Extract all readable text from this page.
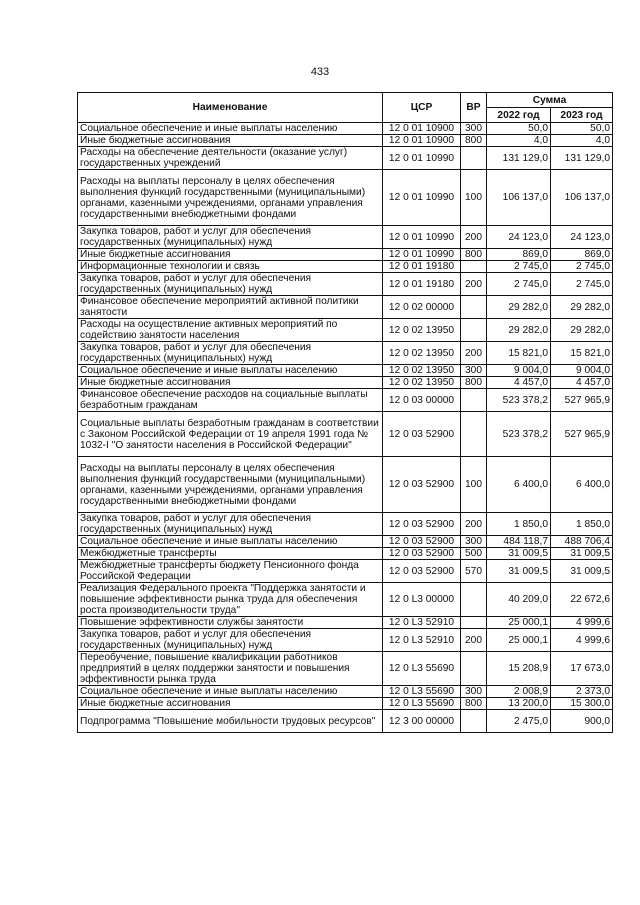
433
Наименование	ЦСР	ВР	Сумма	
			2022 год	2023 год
Социальное обеспечение и иные выплаты населению	12 0 01 10900	300	50,0	50,0
Иные бюджетные ассигнования	12 0 01 10900	800	4,0	4,0
Расходы на обеспечение деятельности (оказание услуг) государственных учреждений	12 0 01 10990		131 129,0	131 129,0
Расходы на выплаты персоналу в целях обеспечения выполнения функций государственными (муниципальными) органами, казенными учреждениями, органами управления государственными внебюджетными фондами	12 0 01 10990	100	106 137,0	106 137,0
Закупка товаров, работ и услуг для обеспечения государственных (муниципальных) нужд	12 0 01 10990	200	24 123,0	24 123,0
Иные бюджетные ассигнования	12 0 01 10990	800	869,0	869,0
Информационные технологии и связь	12 0 01 19180		2 745,0	2 745,0
Закупка товаров, работ и услуг для обеспечения государственных (муниципальных) нужд	12 0 01 19180	200	2 745,0	2 745,0
Финансовое обеспечение мероприятий активной политики занятости	12 0 02 00000		29 282,0	29 282,0
Расходы на осуществление активных мероприятий по содействию занятости населения	12 0 02 13950		29 282,0	29 282,0
Закупка товаров, работ и услуг для обеспечения государственных (муниципальных) нужд	12 0 02 13950	200	15 821,0	15 821,0
Социальное обеспечение и иные выплаты населению	12 0 02 13950	300	9 004,0	9 004,0
Иные бюджетные ассигнования	12 0 02 13950	800	4 457,0	4 457,0
Финансовое обеспечение расходов на социальные выплаты безработным гражданам	12 0 03 00000		523 378,2	527 965,9
Социальные выплаты безработным гражданам в соответствии с Законом Российской Федерации от 19 апреля 1991 года № 1032-I "О занятости населения в Российской Федерации"	12 0 03 52900		523 378,2	527 965,9
Расходы на выплаты персоналу в целях обеспечения выполнения функций государственными (муниципальными) органами, казенными учреждениями, органами управления государственными внебюджетными фондами	12 0 03 52900	100	6 400,0	6 400,0
Закупка товаров, работ и услуг для обеспечения государственных (муниципальных) нужд	12 0 03 52900	200	1 850,0	1 850,0
Социальное обеспечение и иные выплаты населению	12 0 03 52900	300	484 118,7	488 706,4
Межбюджетные трансферты	12 0 03 52900	500	31 009,5	31 009,5
Межбюджетные трансферты бюджету Пенсионного фонда Российской Федерации	12 0 03 52900	570	31 009,5	31 009,5
Реализация Федерального проекта "Поддержка занятости и повышение эффективности рынка труда для обеспечения роста производительности труда"	12 0 L3 00000		40 209,0	22 672,6
Повышение эффективности службы занятости	12 0 L3 52910		25 000,1	4 999,6
Закупка товаров, работ и услуг для обеспечения государственных (муниципальных) нужд	12 0 L3 52910	200	25 000,1	4 999,6
Переобучение, повышение квалификации работников предприятий в целях поддержки занятости и повышения эффективности рынка труда	12 0 L3 55690		15 208,9	17 673,0
Социальное обеспечение и иные выплаты населению	12 0 L3 55690	300	2 008,9	2 373,0
Иные бюджетные ассигнования	12 0 L3 55690	800	13 200,0	15 300,0
Подпрограмма "Повышение мобильности трудовых ресурсов"	12 3 00 00000		2 475,0	900,0
